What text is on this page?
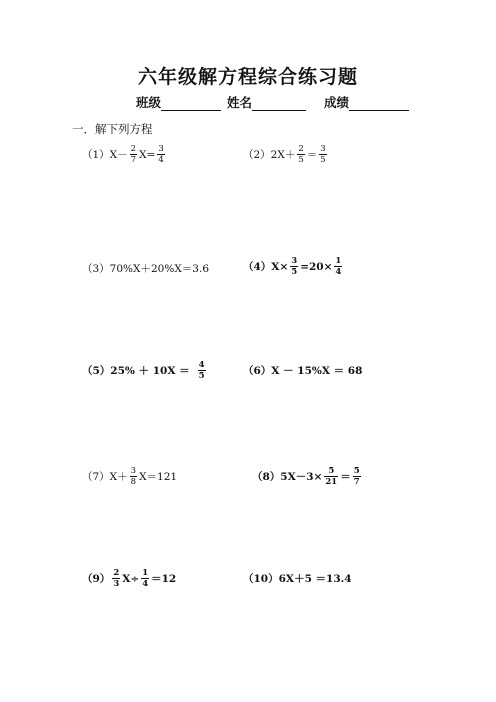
六年级解方程综合练习题
班级	姓名	成绩
一．解下列方程
$(1)X- \frac{2}{7} X= \frac{3}{4}$	$(2)2X+ \frac{2}{5} = \frac{3}{5}$
（3）70%X＋20%X＝3.6	$(4)X\times \frac{3}{5} =20\times \frac{1}{4}$
$(5)25\% + 10X = \frac{4}{5}$	（6）X － 15%X ＝ 68
$(7)X+ \frac{3}{8} X=121$	$(8)5X-3\times \frac{5}{21} = \frac{5}{7}$
$(9) \frac{2}{3} X\div \frac{1}{4} =12$	（10）6X＋5 ＝13.4
